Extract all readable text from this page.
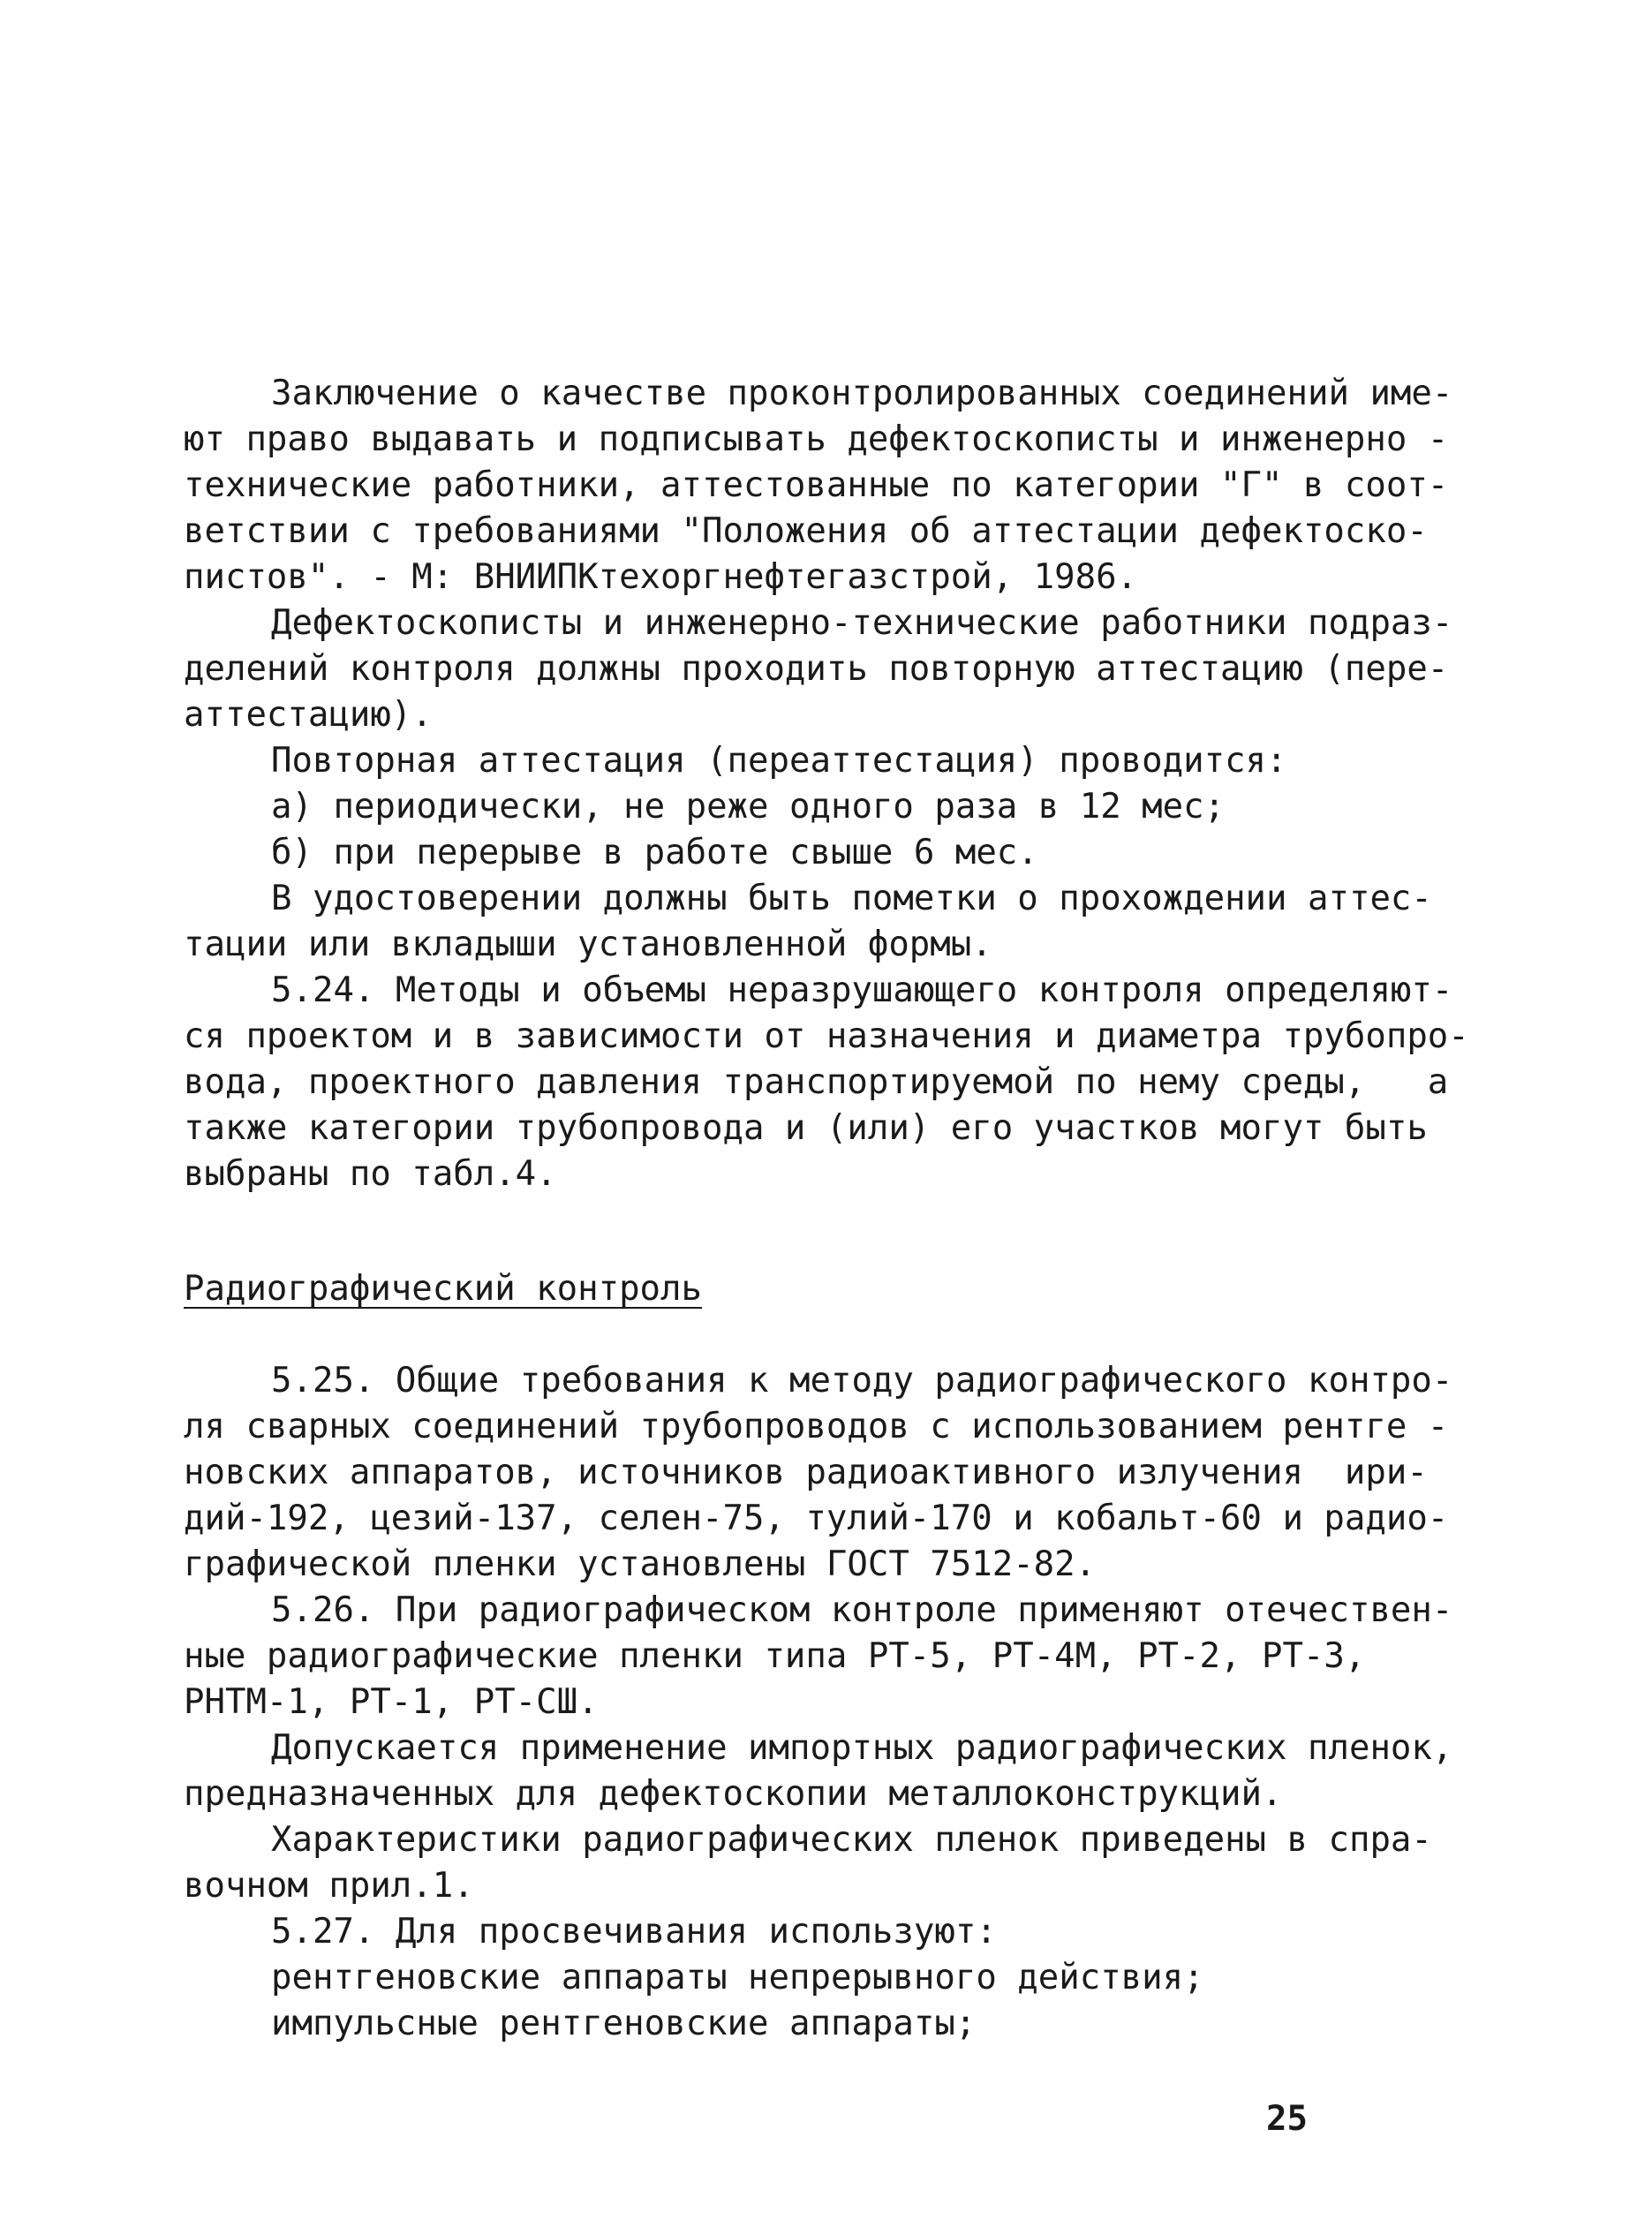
Заключение о качестве проконтролированных соединений име-
ют право выдавать и подписывать дефектоскописты и инженерно -
технические работники, аттестованные по категории "Г" в соот-
ветствии с требованиями "Положения об аттестации дефектоско-
пистов". - М: ВНИИПКтехоргнефтегазстрой, 1986.
Дефектоскописты и инженерно-технические работники подраз-
делений контроля должны проходить повторную аттестацию (пере-
аттестацию).
Повторная аттестация (переаттестация) проводится:
а) периодически, не реже одного раза в 12 мес;
б) при перерыве в работе свыше 6 мес.
В удостоверении должны быть пометки о прохождении аттес-
тации или вкладыши установленной формы.
5.24. Методы и объемы неразрушающего контроля определяют-
ся проектом и в зависимости от назначения и диаметра трубопро-
вода, проектного давления транспортируемой по нему среды,   а
также категории трубопровода и (или) его участков могут быть
выбраны по табл.4.
Радиографический контроль
5.25. Общие требования к методу радиографического контро-
ля сварных соединений трубопроводов с использованием рентге -
новских аппаратов, источников радиоактивного излучения  ири-
дий-192, цезий-137, селен-75, тулий-170 и кобальт-60 и радио-
графической пленки установлены ГОСТ 7512-82.
5.26. При радиографическом контроле применяют отечествен-
ные радиографические пленки типа РТ-5, РТ-4М, РТ-2, РТ-3,
РНТМ-1, РТ-1, РТ-СШ.
Допускается применение импортных радиографических пленок,
предназначенных для дефектоскопии металлоконструкций.
Характеристики радиографических пленок приведены в спра-
вочном прил.1.
5.27. Для просвечивания используют:
рентгеновские аппараты непрерывного действия;
импульсные рентгеновские аппараты;
25
